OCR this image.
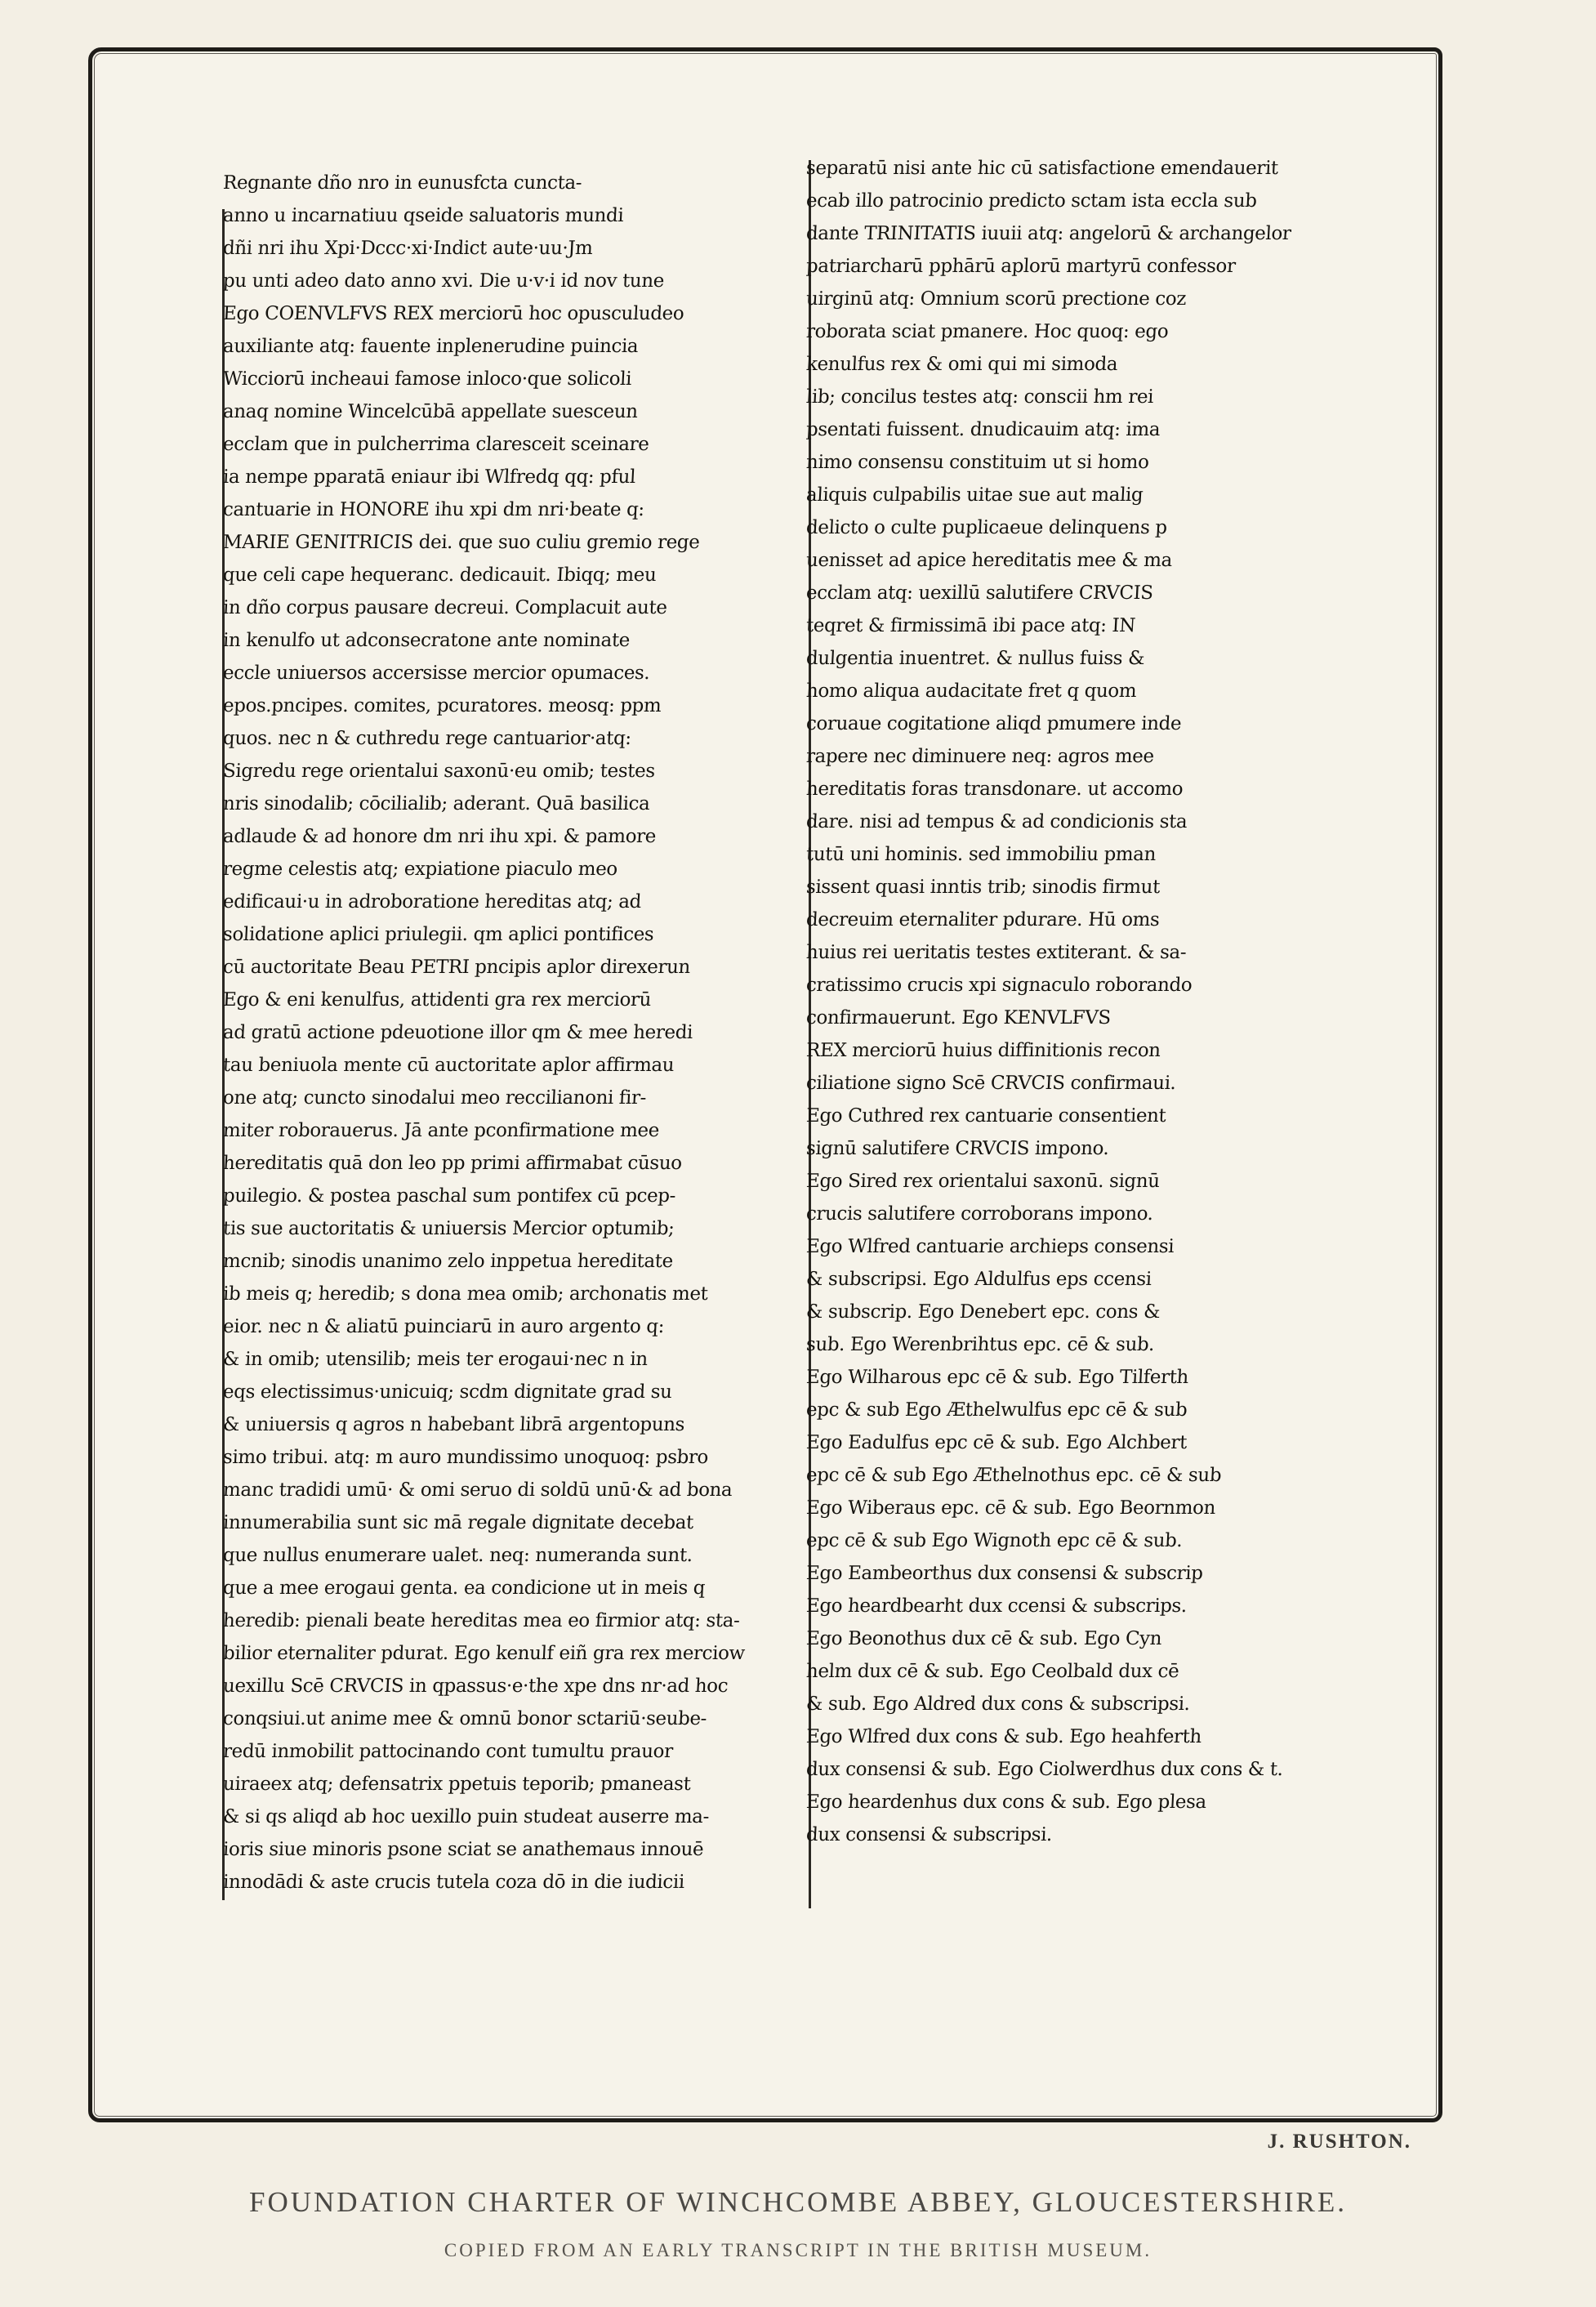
Regnante dño nro in eunusfcta cuncta-
anno u incarnatiuu qseide saluatoris mundi
dñi nri ihu Xpi·Dccc·xi·Indict aute·uu·Jm
pu unti adeo dato anno xvi. Die u·v·i id nov tune
Ego COENVLFVS REX merciorū hoc opusculudeo
auxiliante atq: fauente inplenerudine puincia
Wicciorū incheaui famose inloco·que solicoli
anaq nomine Wincelcūbā appellate suesceun
ecclam que in pulcherrima claresceit sceinare
ia nempe pparatā eniaur ibi Wlfredq qq: pful
cantuarie in HONORE ihu xpi dm nri·beate q:
MARIE GENITRICIS dei. que suo culiu gremio rege
que celi cape hequeranc. dedicauit. Ibiqq; meu
in dño corpus pausare decreui. Complacuit aute
in kenulfo ut adconsecratone ante nominate
eccle uniuersos accersisse mercior opumaces.
epos.pncipes. comites, pcuratores. meosq: ppm
quos. nec n & cuthredu rege cantuarior·atq:
Sigredu rege orientalui saxonū·eu omib; testes
nris sinodalib; cōcilialib; aderant. Quā basilica
adlaude & ad honore dm nri ihu xpi. & pamore
regme celestis atq; expiatione piaculo meo
edificaui·u in adroboratione hereditas atq; ad
solidatione aplici priulegii. qm aplici pontifices
cū auctoritate Beau PETRI pncipis aplor direxerun
Ego & eni kenulfus, attidenti gra rex merciorū
ad gratū actione pdeuotione illor qm & mee heredi
tau beniuola mente cū auctoritate aplor affirmau
one atq; cuncto sinodalui meo reccilianoni fir-
miter roborauerus. Jā ante pconfirmatione mee
hereditatis quā don leo pp primi affirmabat cūsuo
puilegio. & postea paschal sum pontifex cū pcep-
tis sue auctoritatis & uniuersis Mercior optumib;
mcnib; sinodis unanimo zelo inppetua hereditate
ib meis q; heredib; s dona mea omib; archonatis met
eior. nec n & aliatū puinciarū in auro argento q:
& in omib; utensilib; meis ter erogaui·nec n in
eqs electissimus·unicuiq; scdm dignitate grad su
& uniuersis q agros n habebant librā argentopuns
simo tribui. atq: m auro mundissimo unoquoq: psbro
manc tradidi umū· & omi seruo di soldū unū·& ad bona
innumerabilia sunt sic mā regale dignitate decebat
que nullus enumerare ualet. neq: numeranda sunt.
que a mee erogaui genta. ea condicione ut in meis q
heredib: pienali beate hereditas mea eo firmior atq: sta-
bilior eternaliter pdurat. Ego kenulf eiñ gra rex merciow
uexillu Scē CRVCIS in qpassus·e·the xpe dns nr·ad hoc
conqsiui.ut anime mee & omnū bonor sctariū·seube-
redū inmobilit pattocinando cont tumultu prauor
uiraeex atq; defensatrix ppetuis teporib; pmaneast
& si qs aliqd ab hoc uexillo puin studeat auserre ma-
ioris siue minoris psone sciat se anathemaus innouē
innodādi & aste crucis tutela coza dō in die iudicii
separatū nisi ante hic cū satisfactione emendauerit
ecab illo patrocinio predicto sctam ista eccla sub
dante TRINITATIS iuuii atq: angelorū & archangelor
patriarcharū pphārū aplorū martyrū confessor
uirginū atq: Omnium scorū prectione coz
roborata sciat pmanere. Hoc quoq: ego
kenulfus rex & omi qui mi simoda
lib; concilus testes atq: conscii hm rei
psentati fuissent. dnudicauim atq: ima
nimo consensu constituim ut si homo
aliquis culpabilis uitae sue aut malig
delicto o culte puplicaeue delinquens p
uenisset ad apice hereditatis mee & ma
ecclam atq: uexillū salutifere CRVCIS
teqret & firmissimā ibi pace atq: IN
dulgentia inuentret. & nullus fuiss &
homo aliqua audacitate fret q quom
coruaue cogitatione aliqd pmumere inde
rapere nec diminuere neq: agros mee
hereditatis foras transdonare. ut accomo
dare. nisi ad tempus & ad condicionis sta
tutū uni hominis. sed immobiliu pman
sissent quasi inntis trib; sinodis firmut
decreuim eternaliter pdurare. Hū oms
huius rei ueritatis testes extiterant. & sa-
cratissimo crucis xpi signaculo roborando
confirmauerunt. Ego KENVLFVS
REX merciorū huius diffinitionis recon
ciliatione signo Scē CRVCIS confirmaui.
Ego Cuthred rex cantuarie consentient
signū salutifere CRVCIS impono.
Ego Sired rex orientalui saxonū. signū
crucis salutifere corroborans impono.
Ego Wlfred cantuarie archieps consensi
& subscripsi. Ego Aldulfus eps ccensi
& subscrip. Ego Denebert epc. cons &
sub. Ego Werenbrihtus epc. cē & sub.
Ego Wilharous epc cē & sub. Ego Tilferth
epc & sub Ego Æthelwulfus epc cē & sub
Ego Eadulfus epc cē & sub. Ego Alchbert
epc cē & sub Ego Æthelnothus epc. cē & sub
Ego Wiberaus epc. cē & sub. Ego Beornmon
epc cē & sub Ego Wignoth epc cē & sub.
Ego Eambeorthus dux consensi & subscrip
Ego heardbearht dux ccensi & subscrips.
Ego Beonothus dux cē & sub. Ego Cyn
helm dux cē & sub. Ego Ceolbald dux cē
& sub. Ego Aldred dux cons & subscripsi.
Ego Wlfred dux cons & sub. Ego heahferth
dux consensi & sub. Ego Ciolwerdhus dux cons & t.
Ego heardenhus dux cons & sub. Ego plesa
dux consensi & subscripsi.
J. RUSHTON.
FOUNDATION CHARTER OF WINCHCOMBE ABBEY, GLOUCESTERSHIRE.
COPIED FROM AN EARLY TRANSCRIPT IN THE BRITISH MUSEUM.
